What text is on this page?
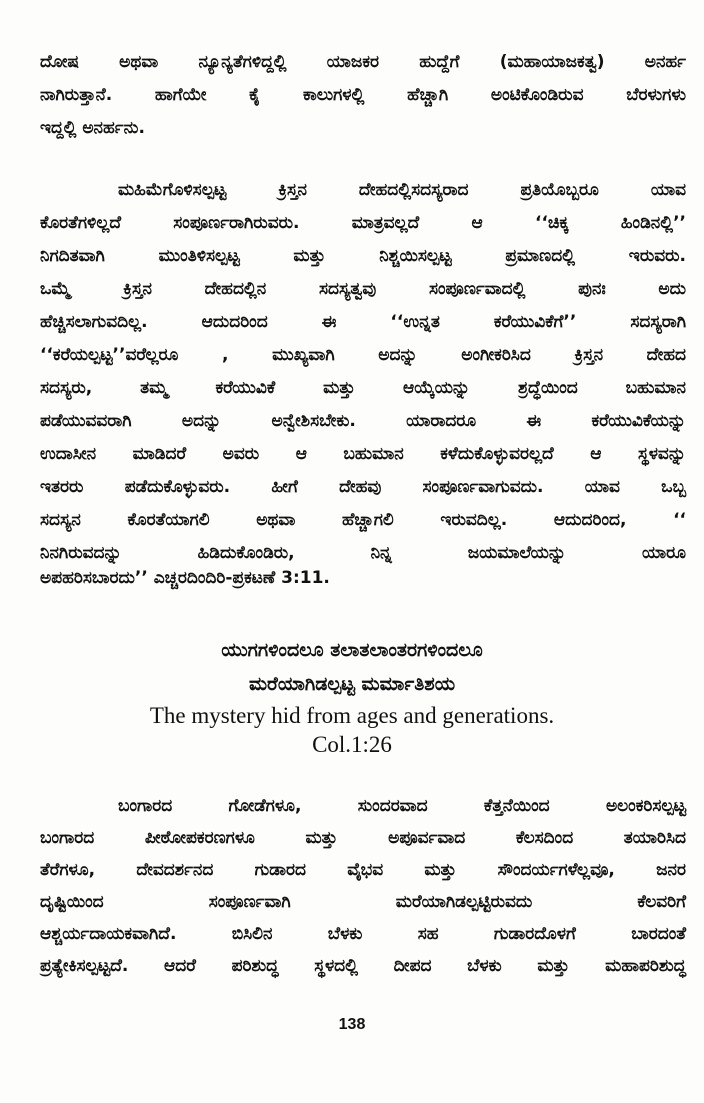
ದೋಷ ಅಥವಾ ನ್ಯೂನ್ಯತೆಗಳಿದ್ದಲ್ಲಿ ಯಾಜಕರ ಹುದ್ದೆಗೆ (ಮಹಾಯಾಜಕತ್ವ) ಅನರ್ಹ
ನಾಗಿರುತ್ತಾನೆ. ಹಾಗೆಯೇ ಕೈ ಕಾಲುಗಳಲ್ಲಿ ಹೆಚ್ಚಾಗಿ ಅಂಟಿಕೊಂಡಿರುವ ಬೆರಳುಗಳು
ಇದ್ದಲ್ಲಿ ಅನರ್ಹನು.
ಮಹಿಮೆಗೊಳಿಸಲ್ಪಟ್ಟ ಕ್ರಿಸ್ತನ ದೇಹದಲ್ಲಿಸದಸ್ಯರಾದ ಪ್ರತಿಯೊಬ್ಬರೂ ಯಾವ
ಕೊರತೆಗಳಿಲ್ಲದೆ ಸಂಪೂರ್ಣರಾಗಿರುವರು. ಮಾತ್ರವಲ್ಲದೆ ಆ ‘‘ಚಿಕ್ಕ ಹಿಂಡಿನಲ್ಲಿ’’
ನಿಗದಿತವಾಗಿ ಮುಂತಿಳಿಸಲ್ಪಟ್ಟ ಮತ್ತು ನಿಶ್ಚಯಿಸಲ್ಪಟ್ಟ ಪ್ರಮಾಣದಲ್ಲಿ ಇರುವರು.
ಒಮ್ಮೆ ಕ್ರಿಸ್ತನ ದೇಹದಲ್ಲಿನ ಸದಸ್ಯತ್ವವು ಸಂಪೂರ್ಣವಾದಲ್ಲಿ ಪುನಃ ಅದು
ಹೆಚ್ಚಿಸಲಾಗುವದಿಲ್ಲ. ಆದುದರಿಂದ ಈ ‘‘ಉನ್ನತ ಕರೆಯುವಿಕೆಗೆ’’ ಸದಸ್ಯರಾಗಿ
‘‘ಕರೆಯಲ್ಪಟ್ಟ’’ವರೆಲ್ಲರೂ , ಮುಖ್ಯವಾಗಿ ಅದನ್ನು ಅಂಗೀಕರಿಸಿದ ಕ್ರಿಸ್ತನ ದೇಹದ
ಸದಸ್ಯರು, ತಮ್ಮ ಕರೆಯುವಿಕೆ ಮತ್ತು ಆಯ್ಕೆಯನ್ನು ಶ್ರದ್ಧೆಯಿಂದ ಬಹುಮಾನ
ಪಡೆಯುವವರಾಗಿ ಅದನ್ನು ಅನ್ವೇಶಿಸಬೇಕು. ಯಾರಾದರೂ ಈ ಕರೆಯುವಿಕೆಯನ್ನು
ಉದಾಸೀನ ಮಾಡಿದರೆ ಅವರು ಆ ಬಹುಮಾನ ಕಳೆದುಕೊಳ್ಳುವರಲ್ಲದೆ ಆ ಸ್ಥಳವನ್ನು
ಇತರರು ಪಡೆದುಕೊಳ್ಳುವರು. ಹೀಗೆ ದೇಹವು ಸಂಪೂರ್ಣವಾಗುವದು. ಯಾವ ಒಬ್ಬ
ಸದಸ್ಯನ ಕೊರತೆಯಾಗಲಿ ಅಥವಾ ಹೆಚ್ಚಾಗಲಿ ಇರುವದಿಲ್ಲ. ಆದುದರಿಂದ, ‘‘
ನಿನಗಿರುವದನ್ನು ಹಿಡಿದುಕೊಂಡಿರು, ನಿನ್ನ ಜಯಮಾಲೆಯನ್ನು ಯಾರೂ
ಅಪಹರಿಸಬಾರದು’’ ಎಚ್ಚರದಿಂದಿರಿ-ಪ್ರಕಟಣೆ 3:11.
ಯುಗಗಳಿಂದಲೂ ತಲಾತಲಾಂತರಗಳಿಂದಲೂ
ಮರೆಯಾಗಿಡಲ್ಪಟ್ಟ ಮರ್ಮಾತಿಶಯ
The mystery hid from ages and generations.
Col.1:26
ಬಂಗಾರದ ಗೋಡೆಗಳೂ, ಸುಂದರವಾದ ಕೆತ್ತನೆಯಿಂದ ಅಲಂಕರಿಸಲ್ಪಟ್ಟ
ಬಂಗಾರದ ಪೀಠೋಪಕರಣಗಳೂ ಮತ್ತು ಅಪೂರ್ವವಾದ ಕೆಲಸದಿಂದ ತಯಾರಿಸಿದ
ತೆರೆಗಳೂ, ದೇವದರ್ಶನದ ಗುಡಾರದ ವೈಭವ ಮತ್ತು ಸೌಂದರ್ಯಗಳೆಲ್ಲವೂ, ಜನರ
ದೃಷ್ಟಿಯಿಂದ ಸಂಪೂರ್ಣವಾಗಿ ಮರೆಯಾಗಿಡಲ್ಪಟ್ಟಿರುವದು ಕೆಲವರಿಗೆ
ಆಶ್ಚರ್ಯದಾಯಕವಾಗಿದೆ. ಬಿಸಿಲಿನ ಬೆಳಕು ಸಹ ಗುಡಾರದೊಳಗೆ ಬಾರದಂತೆ
ಪ್ರತ್ಯೇಕಿಸಲ್ಪಟ್ಟದೆ. ಆದರೆ ಪರಿಶುದ್ಧ ಸ್ಥಳದಲ್ಲಿ ದೀಪದ ಬೆಳಕು ಮತ್ತು ಮಹಾಪರಿಶುದ್ಧ
138
